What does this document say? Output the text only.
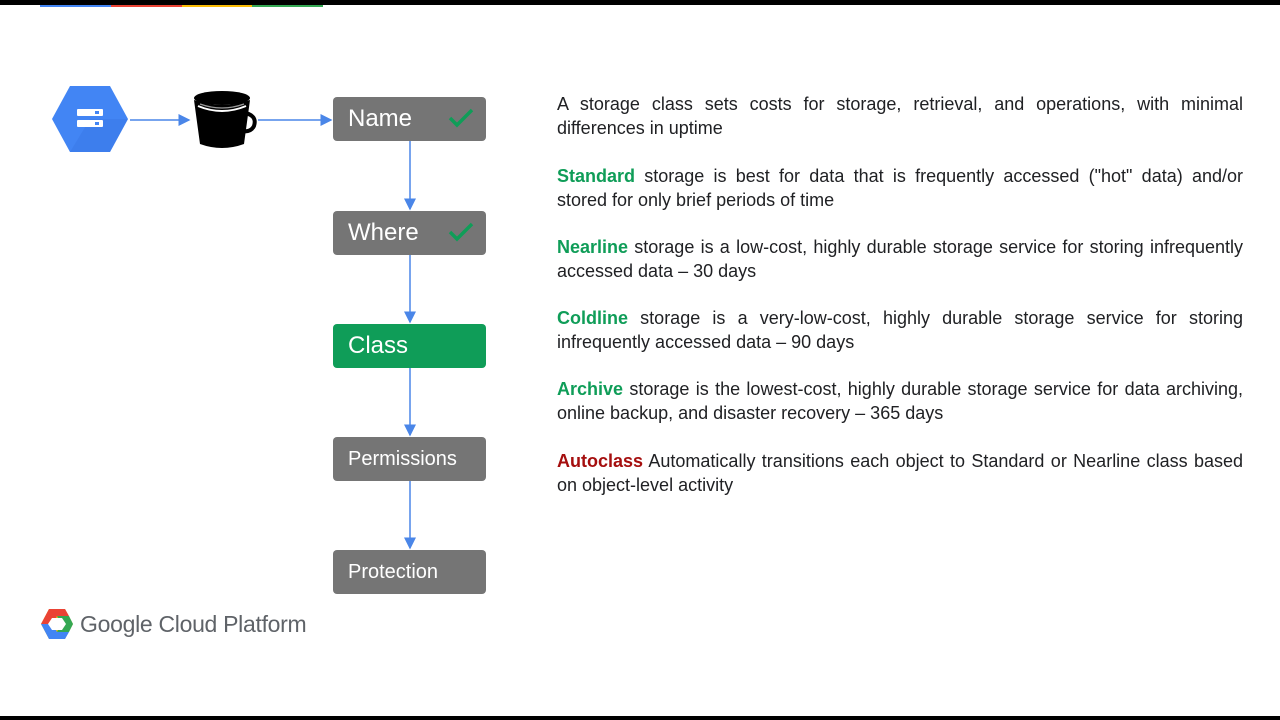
Name
Where
Class
Permissions
Protection

A storage class sets costs for storage, retrieval, and operations, with minimal differences in uptime

Standard storage is best for data that is frequently accessed ("hot" data) and/or stored for only brief periods of time

Nearline storage is a low-cost, highly durable storage service for storing infrequently accessed data – 30 days

Coldline storage is a very-low-cost, highly durable storage service for storing infrequently accessed data – 90 days

Archive storage is the lowest-cost, highly durable storage service for data archiving, online backup, and disaster recovery – 365 days

Autoclass Automatically transitions each object to Standard or Nearline class based on object-level activity

Google Cloud Platform
